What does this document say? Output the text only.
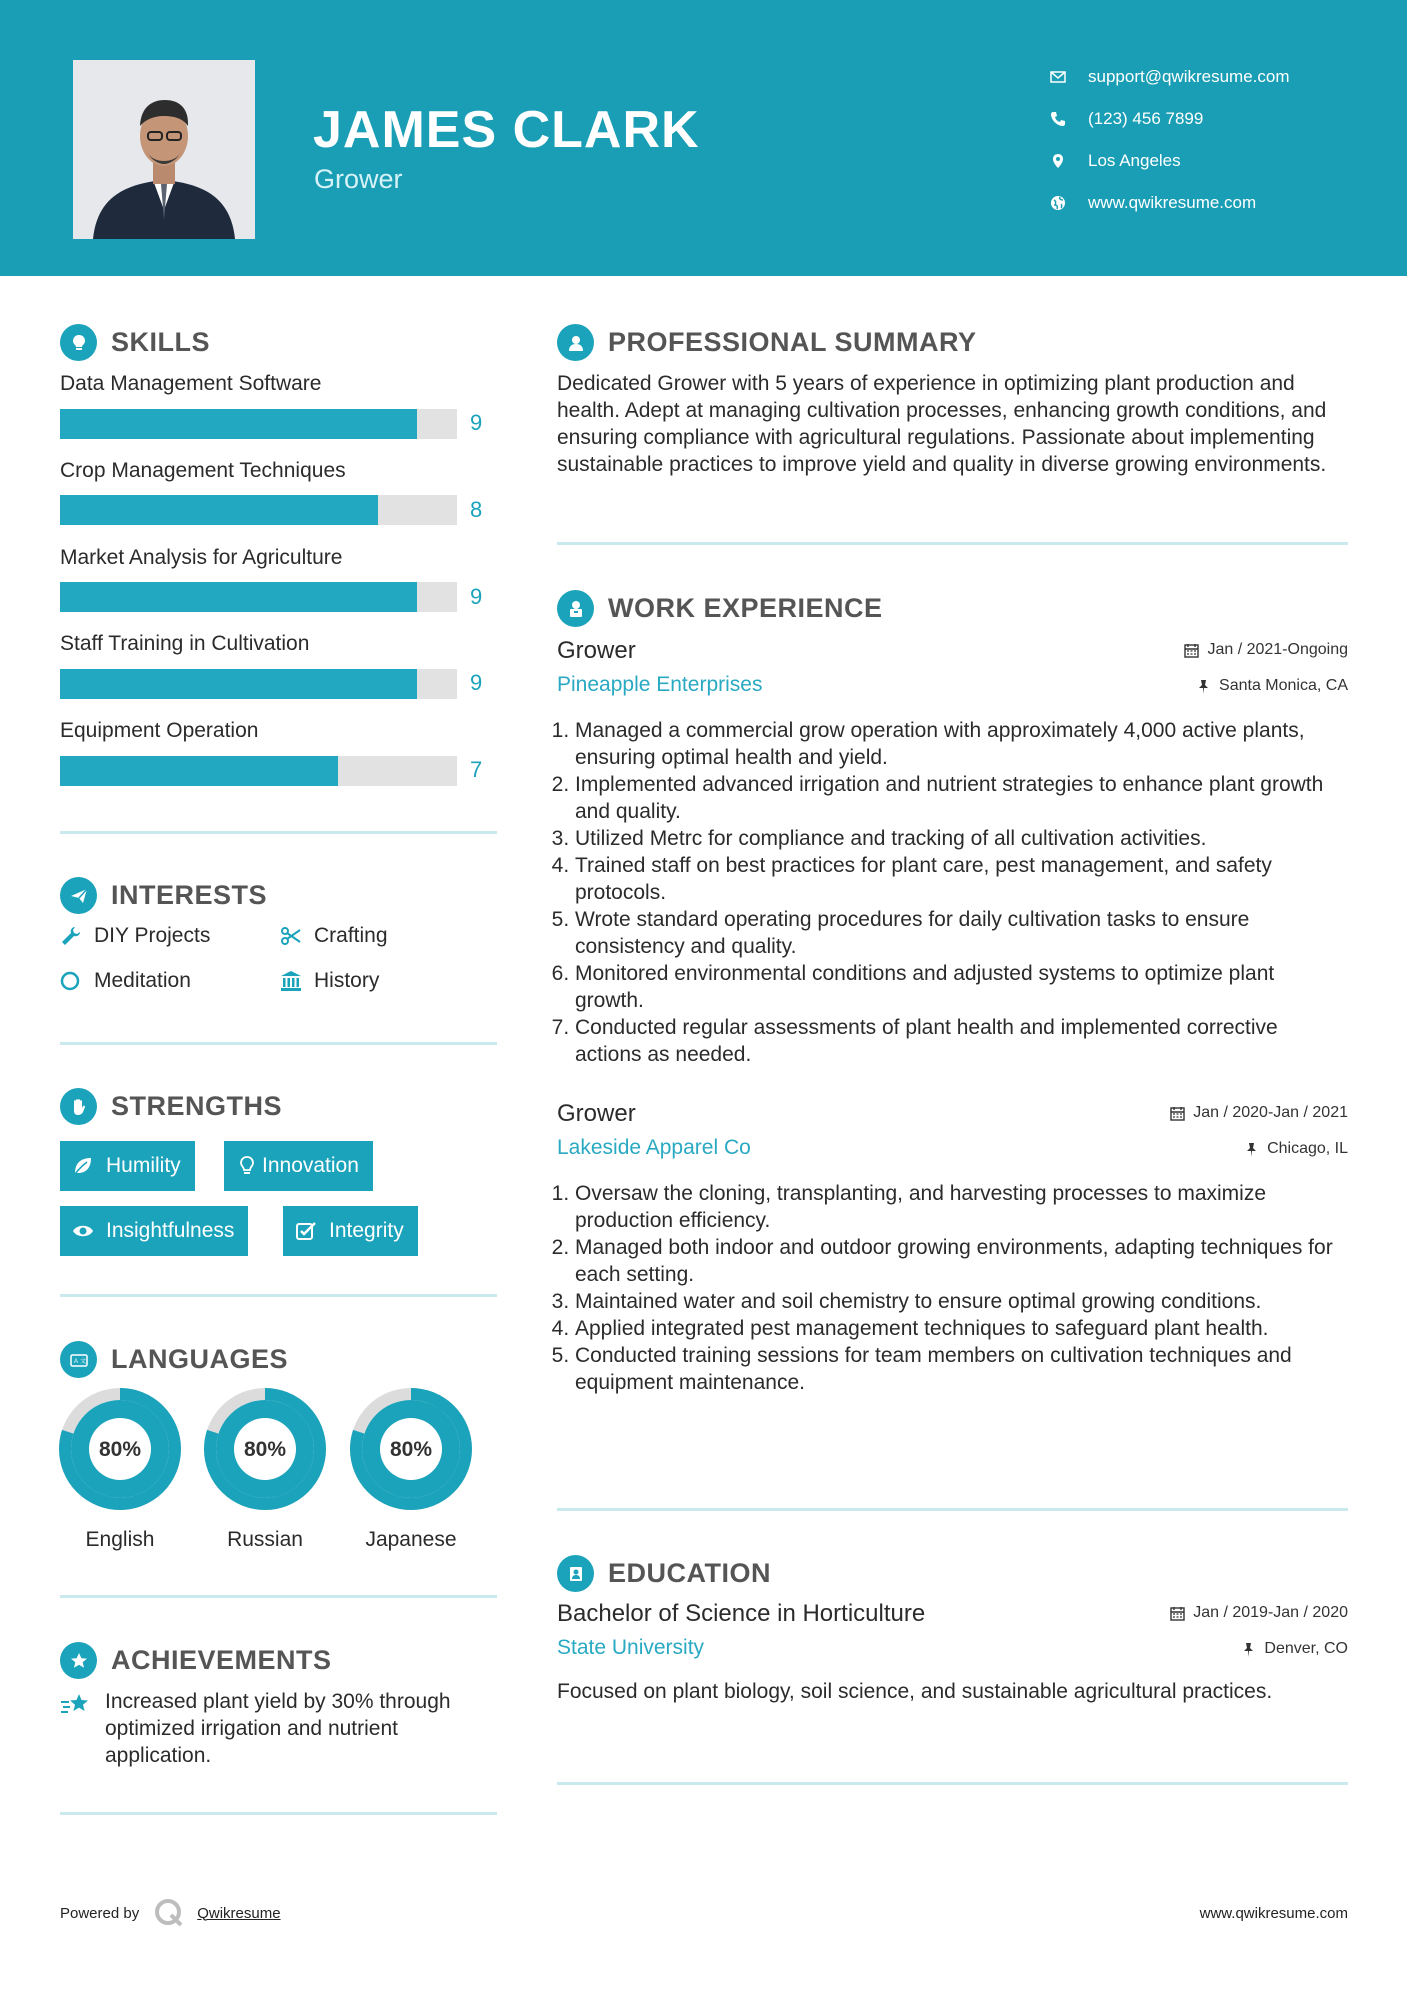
JAMES CLARK
Grower
support@qwikresume.com
(123) 456 7899
Los Angeles
www.qwikresume.com
SKILLS
Data Management Software
9
Crop Management Techniques
8
Market Analysis for Agriculture
9
Staff Training in Cultivation
9
Equipment Operation
7
INTERESTS
DIY Projects	Crafting
Meditation	History
STRENGTHS
Humility	Innovation
Insightfulness	Integrity
A 文 LANGUAGES
80%
English
80%
Russian
80%
Japanese
ACHIEVEMENTS
Increased plant yield by 30% through optimized irrigation and nutrient application.
PROFESSIONAL SUMMARY
Dedicated Grower with 5 years of experience in optimizing plant production and health. Adept at managing cultivation processes, enhancing growth conditions, and ensuring compliance with agricultural regulations. Passionate about implementing sustainable practices to improve yield and quality in diverse growing environments.
WORK EXPERIENCE
Grower	Jan / 2021-Ongoing
Pineapple Enterprises	Santa Monica, CA
1. Managed a commercial grow operation with approximately 4,000 active plants, ensuring optimal health and yield.
2. Implemented advanced irrigation and nutrient strategies to enhance plant growth and quality.
3. Utilized Metrc for compliance and tracking of all cultivation activities.
4. Trained staff on best practices for plant care, pest management, and safety protocols.
5. Wrote standard operating procedures for daily cultivation tasks to ensure consistency and quality.
6. Monitored environmental conditions and adjusted systems to optimize plant growth.
7. Conducted regular assessments of plant health and implemented corrective actions as needed.
Grower	Jan / 2020-Jan / 2021
Lakeside Apparel Co	Chicago, IL
1. Oversaw the cloning, transplanting, and harvesting processes to maximize production efficiency.
2. Managed both indoor and outdoor growing environments, adapting techniques for each setting.
3. Maintained water and soil chemistry to ensure optimal growing conditions.
4. Applied integrated pest management techniques to safeguard plant health.
5. Conducted training sessions for team members on cultivation techniques and equipment maintenance.
EDUCATION
Bachelor of Science in Horticulture	Jan / 2019-Jan / 2020
State University	Denver, CO
Focused on plant biology, soil science, and sustainable agricultural practices.
Powered by	Qwikresume	www.qwikresume.com
